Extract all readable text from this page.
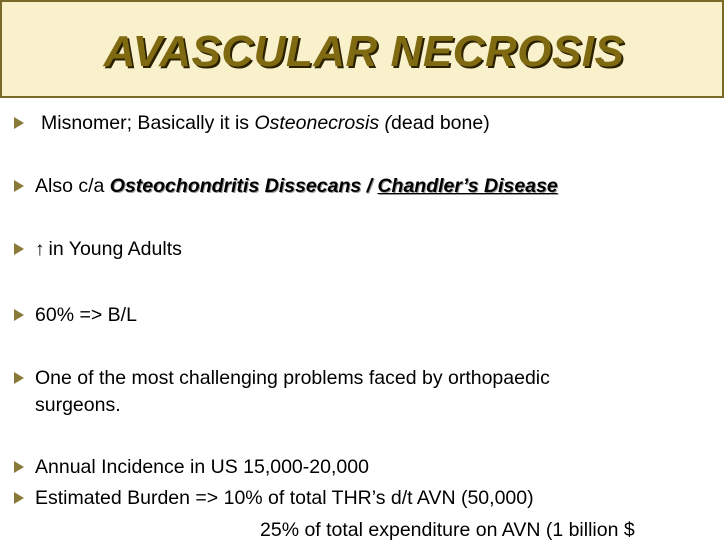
AVASCULAR NECROSIS
Misnomer; Basically it is Osteonecrosis (dead bone)
Also c/a Osteochondritis Dissecans / Chandler’s Disease
↑ in Young Adults
60% => B/L
One of the most challenging problems faced by orthopaedic
surgeons.
Annual Incidence in US 15,000-20,000
Estimated Burden => 10% of total THR’s d/t AVN (50,000)
25% of total expenditure on AVN (1 billion $
